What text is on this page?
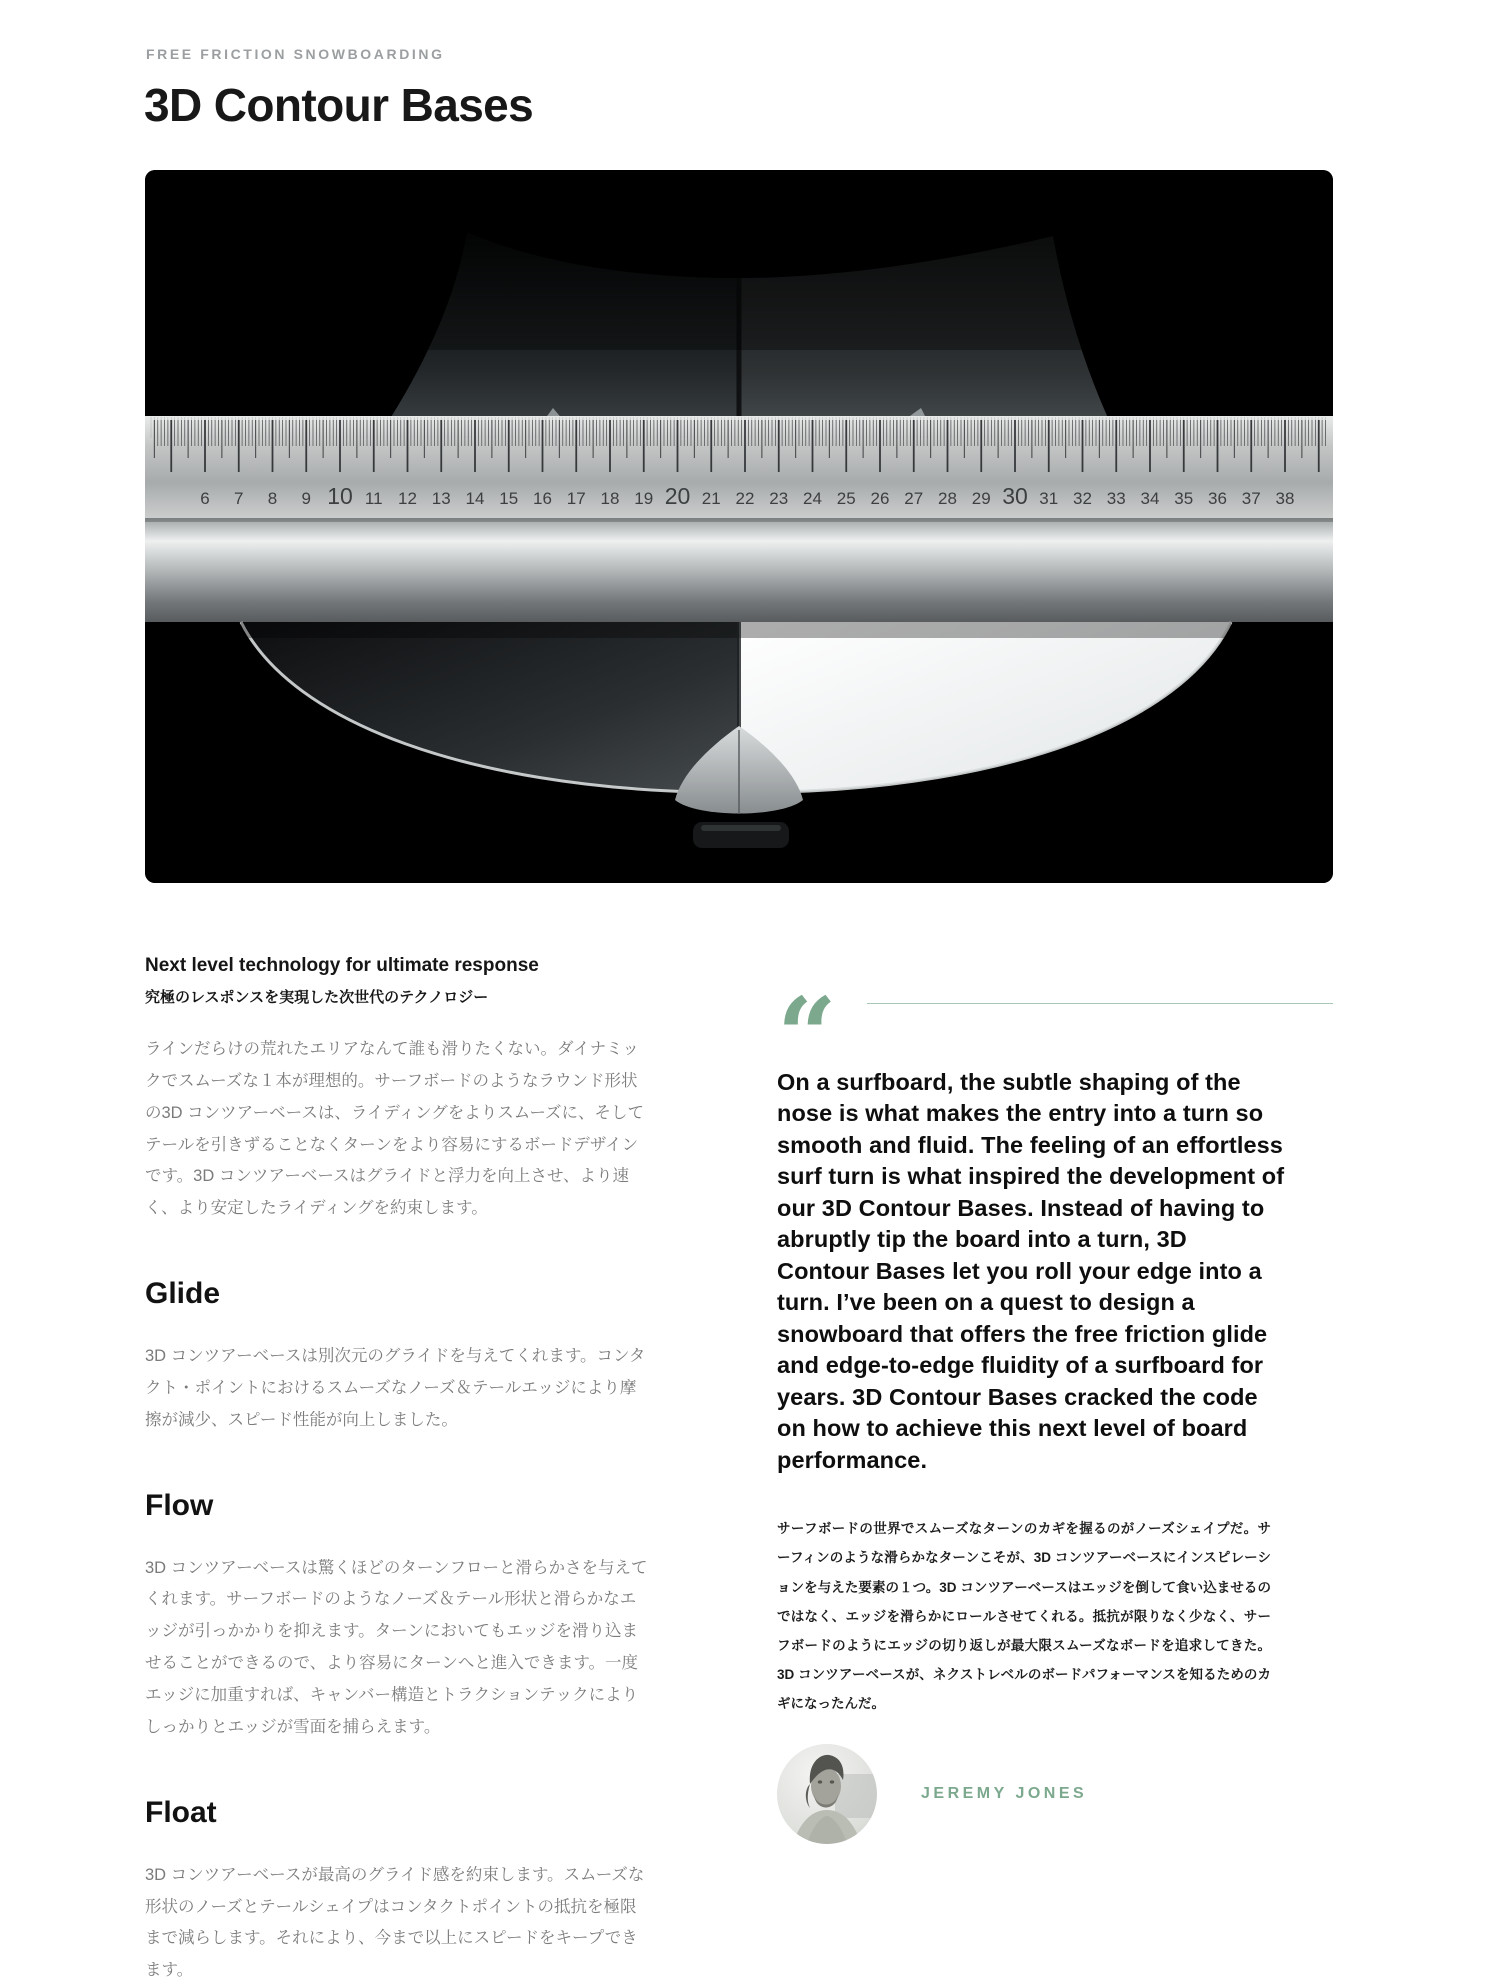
FREE FRICTION SNOWBOARDING
3D Contour Bases
6 7 8 9 10 11 12 13 14 15 16 17 18 19 20 21 22 23 24 25 26 27 28 29 30 31 32 33 34 35 36 37 38
Next level technology for ultimate response
究極のレスポンスを実現した次世代のテクノロジー

ラインだらけの荒れたエリアなんて誰も滑りたくない。ダイナミックでスムーズな１本が理想的。サーフボードのようなラウンド形状の3D コンツアーベースは、ライディングをよりスムーズに、そしてテールを引きずることなくターンをより容易にするボードデザインです。3D コンツアーベースはグライドと浮力を向上させ、より速く、より安定したライディングを約束します。

Glide

3D コンツアーベースは別次元のグライドを与えてくれます。コンタクト・ポイントにおけるスムーズなノーズ＆テールエッジにより摩擦が減少、スピード性能が向上しました。

Flow

3D コンツアーベースは驚くほどのターンフローと滑らかさを与えてくれます。サーフボードのようなノーズ＆テール形状と滑らかなエッジが引っかかりを抑えます。ターンにおいてもエッジを滑り込ませることができるので、より容易にターンへと進入できます。一度エッジに加重すれば、キャンバー構造とトラクションテックによりしっかりとエッジが雪面を捕らえます。

Float

3D コンツアーベースが最高のグライド感を約束します。スムーズな形状のノーズとテールシェイプはコンタクトポイントの抵抗を極限まで減らします。それにより、今まで以上にスピードをキープできます。

“
On a surfboard, the subtle shaping of the nose is what makes the entry into a turn so smooth and fluid. The feeling of an effortless surf turn is what inspired the development of our 3D Contour Bases. Instead of having to abruptly tip the board into a turn, 3D Contour Bases let you roll your edge into a turn. I’ve been on a quest to design a snowboard that offers the free friction glide and edge-to-edge fluidity of a surfboard for years. 3D Contour Bases cracked the code on how to achieve this next level of board performance.

サーフボードの世界でスムーズなターンのカギを握るのがノーズシェイプだ。サーフィンのような滑らかなターンこそが、3D コンツアーベースにインスピレーションを与えた要素の１つ。3D コンツアーベースはエッジを倒して食い込ませるのではなく、エッジを滑らかにロールさせてくれる。抵抗が限りなく少なく、サーフボードのようにエッジの切り返しが最大限スムーズなボードを追求してきた。3D コンツアーベースが、ネクストレベルのボードパフォーマンスを知るためのカギになったんだ。

JEREMY JONES
